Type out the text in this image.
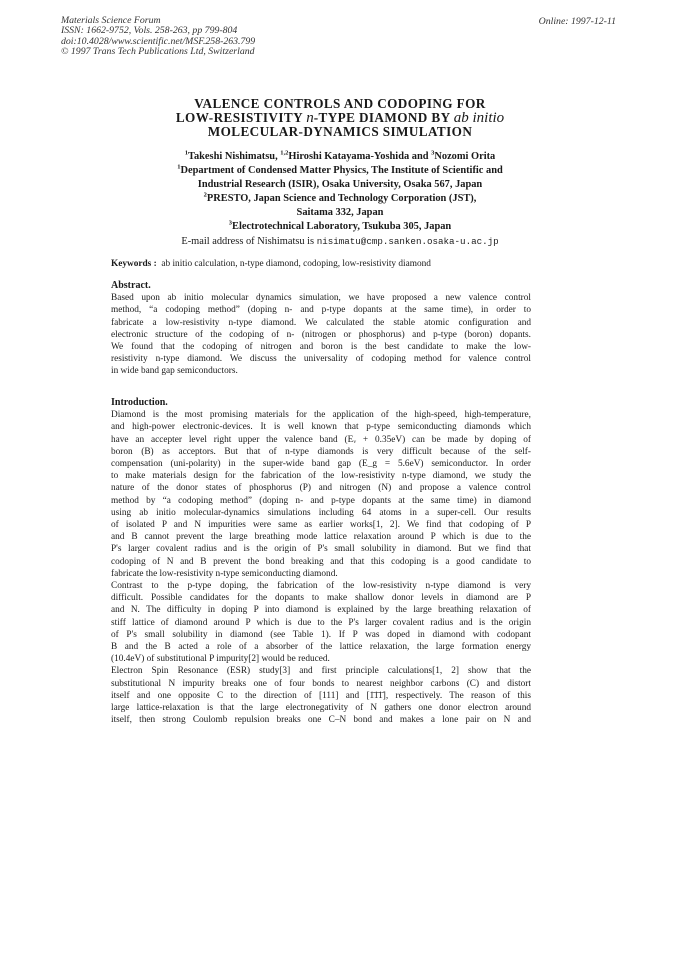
Materials Science Forum
ISSN: 1662-9752, Vols. 258-263, pp 799-804
doi:10.4028/www.scientific.net/MSF.258-263.799
© 1997 Trans Tech Publications Ltd, Switzerland
Online: 1997-12-11
VALENCE CONTROLS AND CODOPING FOR
LOW-RESISTIVITY n-TYPE DIAMOND BY ab initio
MOLECULAR-DYNAMICS SIMULATION
$^1$Takeshi Nishimatsu, $^{1,2}$Hiroshi Katayama-Yoshida and $^3$Nozomi Orita
$^1$Department of Condensed Matter Physics, The Institute of Scientific and
Industrial Research (ISIR), Osaka University, Osaka 567, Japan
$^2$PRESTO, Japan Science and Technology Corporation (JST),
Saitama 332, Japan
$^3$Electrotechnical Laboratory, Tsukuba 305, Japan
E-mail address of Nishimatsu is nisimatu@cmp.sanken.osaka-u.ac.jp
Keywords : ab initio calculation, n-type diamond, codoping, low-resistivity diamond
Abstract.
Based upon ab initio molecular dynamics simulation, we have proposed a new valence control
method, “a codoping method” (doping n- and p-type dopants at the same time), in order to
fabricate a low-resistivity n-type diamond. We calculated the stable atomic configuration and
electronic structure of the codoping of n- (nitrogen or phosphorus) and p-type (boron) dopants.
We found that the codoping of nitrogen and boron is the best candidate to make the low-
resistivity n-type diamond. We discuss the universality of codoping method for valence control
in wide band gap semiconductors.
Introduction.
Diamond is the most promising materials for the application of the high-speed, high-temperature,
and high-power electronic-devices. It is well known that p-type semiconducting diamonds which
have an accepter level right upper the valence band (Eᵥ + 0.35eV) can be made by doping of
boron (B) as acceptors. But that of n-type diamonds is very difficult because of the self-
compensation (uni-polarity) in the super-wide band gap (E_g = 5.6eV) semiconductor. In order
to make materials design for the fabrication of the low-resistivity n-type diamond, we study the
nature of the donor states of phosphorus (P) and nitrogen (N) and propose a valence control
method by “a codoping method” (doping n- and p-type dopants at the same time) in diamond
using ab initio molecular-dynamics simulations including 64 atoms in a super-cell. Our results
of isolated P and N impurities were same as earlier works[1, 2]. We find that codoping of P
and B cannot prevent the large breathing mode lattice relaxation around P which is due to the
P's larger covalent radius and is the origin of P's small solubility in diamond. But we find that
codoping of N and B prevent the bond breaking and that this codoping is a good candidate to
fabricate the low-resistivity n-type semiconducting diamond.
Contrast to the p-type doping, the fabrication of the low-resistivity n-type diamond is very
difficult. Possible candidates for the dopants to make shallow donor levels in diamond are P
and N. The difficulty in doping P into diamond is explained by the large breathing relaxation of
stiff lattice of diamond around P which is due to the P's larger covalent radius and is the origin
of P's small solubility in diamond (see Table 1). If P was doped in diamond with codopant
B and the B acted a role of a absorber of the lattice relaxation, the large formation energy
(10.4eV) of substitutional P impurity[2] would be reduced.
Electron Spin Resonance (ESR) study[3] and first principle calculations[1, 2] show that the
substitutional N impurity breaks one of four bonds to nearest neighbor carbons (C) and distort
itself and one opposite C to the direction of [111] and [1̄1̄1̄], respectively. The reason of this
large lattice-relaxation is that the large electronegativity of N gathers one donor electron around
itself, then strong Coulomb repulsion breaks one C–N bond and makes a lone pair on N and
